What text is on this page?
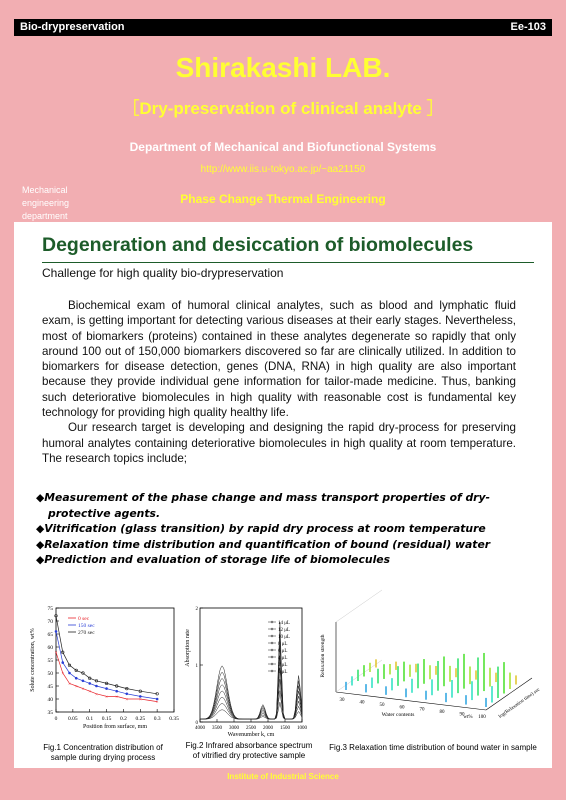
Bio-drypreservation	Ee-103
Shirakashi LAB.
［Dry-preservation of clinical analyte ］
Department of Mechanical and Biofunctional Systems
http://www.iis.u-tokyo.ac.jp/~aa21150
Mechanical
engineering
department
Phase Change Thermal Engineering
Degeneration and desiccation of biomolecules
Challenge for high quality bio-drypreservation

Biochemical exam of humoral clinical analytes, such as blood and lymphatic fluid exam, is getting important for detecting various diseases at their early stages. Nevertheless, most of biomarkers (proteins) contained in these analytes degenerate so rapidly that only around 100 out of 150,000 biomarkers discovered so far are clinically utilized. In addition to biomarkers for disease detection, genes (DNA, RNA) in high quality are also important because they provide individual gene information for tailor-made medicine. Thus, banking such deteriorative biomolecules in high quality with reasonable cost is fundamental key technology for providing high quality healthy life.

Our research target is developing and designing the rapid dry-process for preserving humoral analytes containing deteriorative biomolecules in high quality at room temperature. The research topics include;

◆Measurement of the phase change and mass transport properties of dry-protective agents.
◆Vitrification (glass transition) by rapid dry process at room temperature
◆Relaxation time distribution and quantification of bound (residual) water
◆Prediction and evaluation of storage life of biomolecules
0 0.05 0.1 0.15 0.2 0.25 0.3 0.35
35
40
45
50
55
60
65
70
75
Position from surface, mm
Solute concentration, wt%	×
×
×
×
×
×
×
× ×
× ×
×
0 sec
150 sec
270 sec
4000 3500 3000 2500 2000 1500 1000
0
1
2
Wavenumber k, cm
Absorption rate
14 μL
12 μL
10 μL
8 μL
6 μL
4 μL
2 μL
0 μL	Relaxation strength
Water contents	wt%	log(Relaxation time) sec
30	40	50	60	70	80	90	100
Fig.1 Concentration distribution of sample during drying process
Fig.2 Infrared absorbance spectrum of vitrified dry protective sample
Fig.3 Relaxation time distribution of bound water in sample
Institute of Industrial Science
